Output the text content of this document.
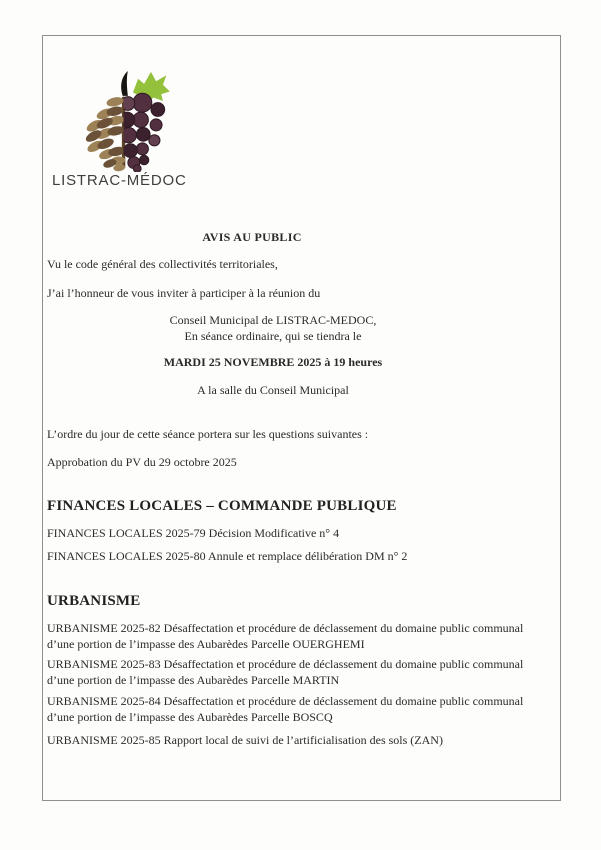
LISTRAC-MÉDOC
AVIS AU PUBLIC
Vu le code général des collectivités territoriales,
J’ai l’honneur de vous inviter à participer à la réunion du
Conseil Municipal de LISTRAC-MEDOC,
En séance ordinaire, qui se tiendra le
MARDI 25 NOVEMBRE 2025 à 19 heures
A la salle du Conseil Municipal
L’ordre du jour de cette séance portera sur les questions suivantes :
Approbation du PV du 29 octobre 2025
FINANCES LOCALES – COMMANDE PUBLIQUE
FINANCES LOCALES 2025-79 Décision Modificative n° 4
FINANCES LOCALES 2025-80 Annule et remplace délibération DM n° 2
URBANISME
URBANISME 2025-82 Désaffectation et procédure de déclassement du domaine public communal
d’une portion de l’impasse des Aubarèdes Parcelle OUERGHEMI
URBANISME 2025-83 Désaffectation et procédure de déclassement du domaine public communal
d’une portion de l’impasse des Aubarèdes Parcelle MARTIN
URBANISME 2025-84 Désaffectation et procédure de déclassement du domaine public communal
d’une portion de l’impasse des Aubarèdes Parcelle BOSCQ
URBANISME 2025-85 Rapport local de suivi de l’artificialisation des sols (ZAN)
